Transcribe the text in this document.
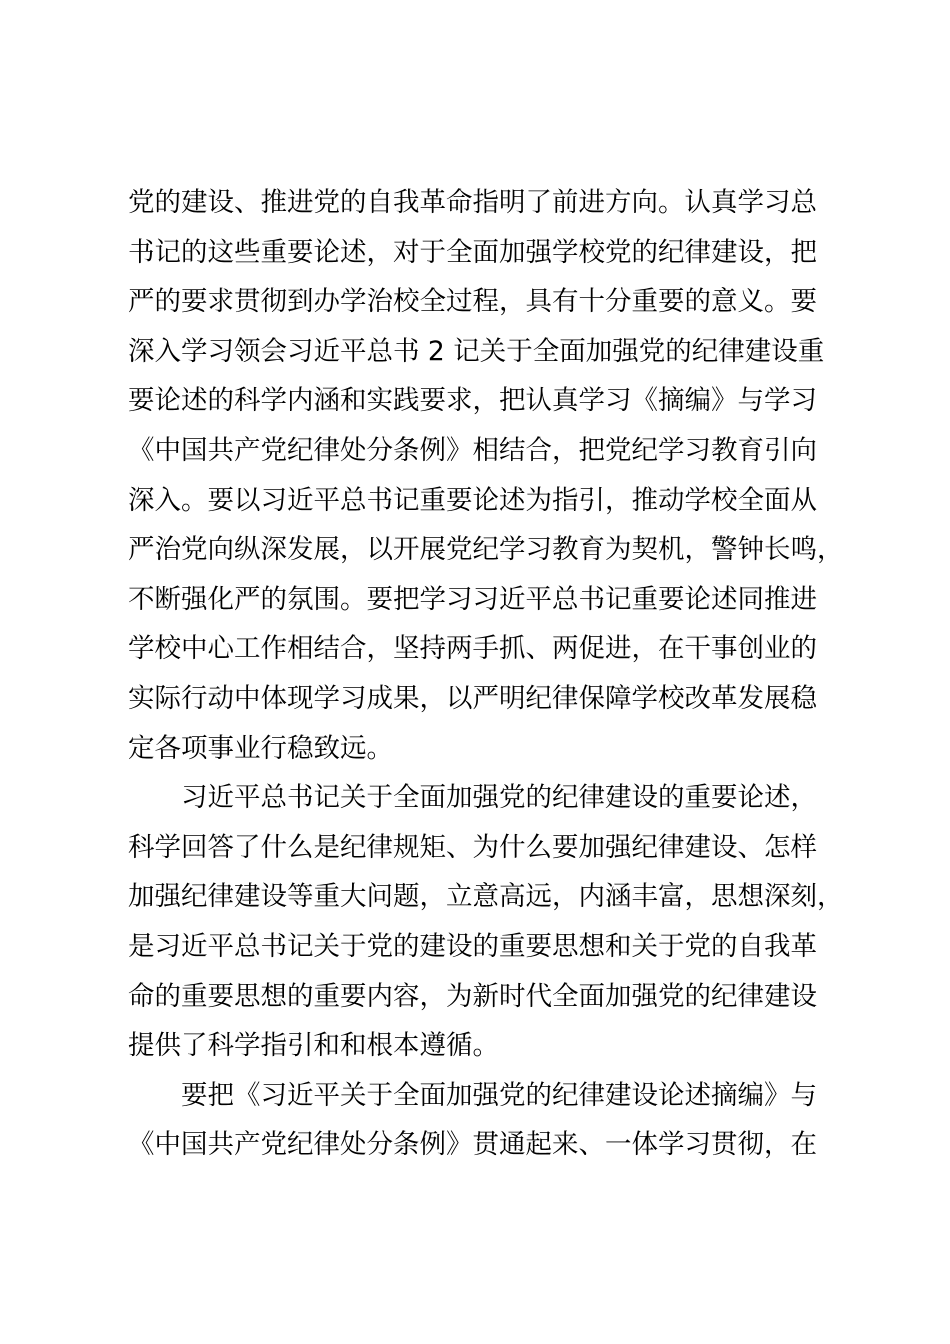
党的建设、推进党的自我革命指明了前进方向。认真学习总
书记的这些重要论述，对于全面加强学校党的纪律建设，把
严的要求贯彻到办学治校全过程，具有十分重要的意义。要
深入学习领会习近平总书 2 记关于全面加强党的纪律建设重
要论述的科学内涵和实践要求，把认真学习《摘编》与学习
《中国共产党纪律处分条例》相结合，把党纪学习教育引向
深入。要以习近平总书记重要论述为指引，推动学校全面从
严治党向纵深发展，以开展党纪学习教育为契机，警钟长鸣，
不断强化严的氛围。要把学习习近平总书记重要论述同推进
学校中心工作相结合，坚持两手抓、两促进，在干事创业的
实际行动中体现学习成果，以严明纪律保障学校改革发展稳
定各项事业行稳致远。
习近平总书记关于全面加强党的纪律建设的重要论述，
科学回答了什么是纪律规矩、为什么要加强纪律建设、怎样
加强纪律建设等重大问题，立意高远，内涵丰富，思想深刻，
是习近平总书记关于党的建设的重要思想和关于党的自我革
命的重要思想的重要内容，为新时代全面加强党的纪律建设
提供了科学指引和和根本遵循。
要把《习近平关于全面加强党的纪律建设论述摘编》与
《中国共产党纪律处分条例》贯通起来、一体学习贯彻，在
